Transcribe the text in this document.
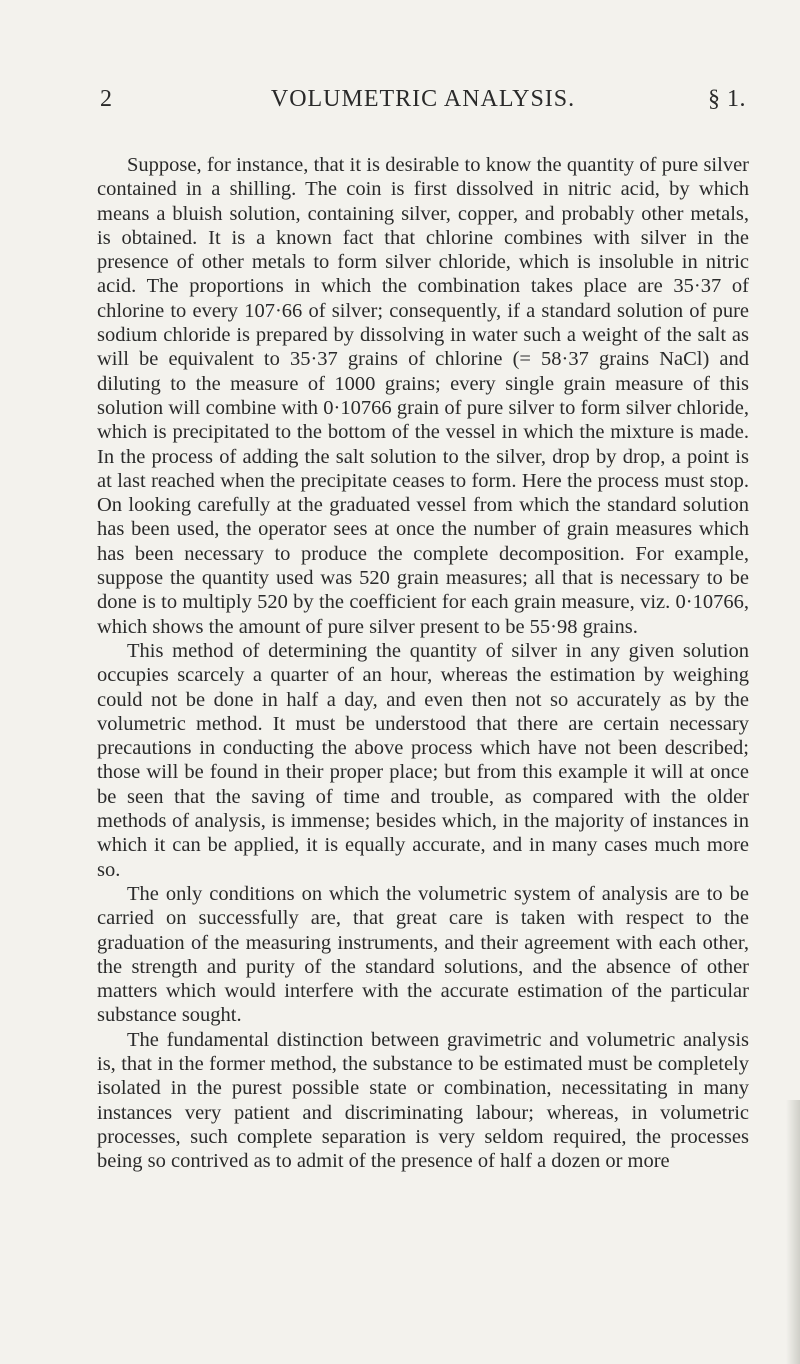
2	VOLUMETRIC ANALYSIS.	§ 1.

Suppose, for instance, that it is desirable to know the quantity of pure silver contained in a shilling. The coin is first dissolved in nitric acid, by which means a bluish solution, containing silver, copper, and probably other metals, is obtained. It is a known fact that chlorine combines with silver in the presence of other metals to form silver chloride, which is insoluble in nitric acid. The proportions in which the combination takes place are 35·37 of chlorine to every 107·66 of silver; consequently, if a standard solution of pure sodium chloride is prepared by dissolving in water such a weight of the salt as will be equivalent to 35·37 grains of chlorine (= 58·37 grains NaCl) and diluting to the measure of 1000 grains; every single grain measure of this solution will combine with 0·10766 grain of pure silver to form silver chloride, which is precipitated to the bottom of the vessel in which the mixture is made. In the process of adding the salt solution to the silver, drop by drop, a point is at last reached when the precipitate ceases to form. Here the process must stop. On looking carefully at the graduated vessel from which the standard solution has been used, the operator sees at once the number of grain measures which has been necessary to produce the complete decomposition. For example, suppose the quantity used was 520 grain measures; all that is necessary to be done is to multiply 520 by the coefficient for each grain measure, viz. 0·10766, which shows the amount of pure silver present to be 55·98 grains.

This method of determining the quantity of silver in any given solution occupies scarcely a quarter of an hour, whereas the estimation by weighing could not be done in half a day, and even then not so accurately as by the volumetric method. It must be understood that there are certain necessary precautions in conducting the above process which have not been described; those will be found in their proper place; but from this example it will at once be seen that the saving of time and trouble, as compared with the older methods of analysis, is immense; besides which, in the majority of instances in which it can be applied, it is equally accurate, and in many cases much more so.

The only conditions on which the volumetric system of analysis are to be carried on successfully are, that great care is taken with respect to the graduation of the measuring instruments, and their agreement with each other, the strength and purity of the standard solutions, and the absence of other matters which would interfere with the accurate estimation of the particular substance sought.

The fundamental distinction between gravimetric and volumetric analysis is, that in the former method, the substance to be estimated must be completely isolated in the purest possible state or combination, necessitating in many instances very patient and discriminating labour; whereas, in volumetric processes, such complete separation is very seldom required, the processes being so contrived as to admit of the presence of half a dozen or more
